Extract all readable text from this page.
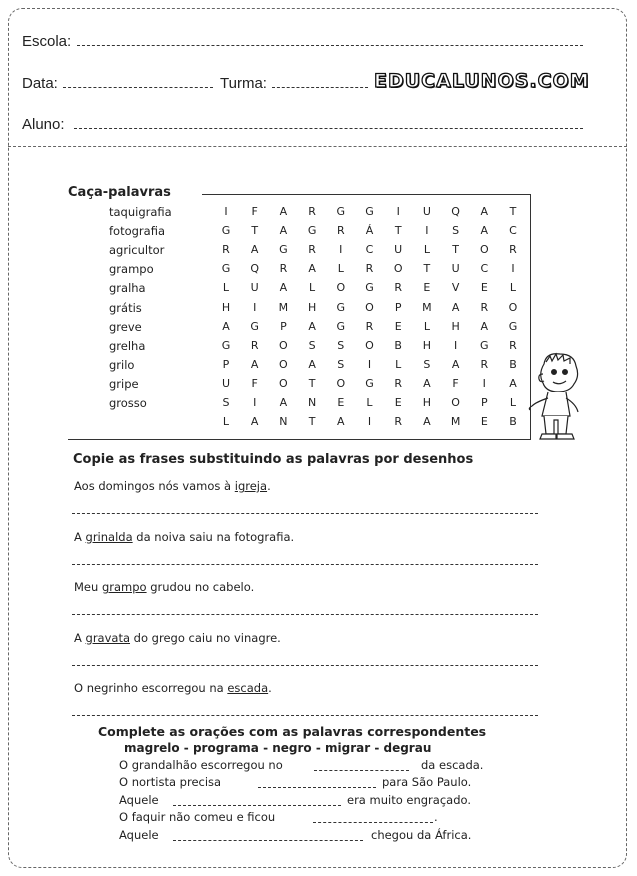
Escola:
Data:	Turma:	EDUCALUNOS.COM
Aluno:
Caça-palavras
taquigrafia
fotografia
agricultor
grampo
gralha
grátis
greve
grelha
grilo
gripe
grosso
I	F	A	R	G	G	I	U	Q	A	T
G	T	A	G	R	Á	T	I	S	A	C
R	A	G	R	I	C	U	L	T	O	R
G	Q	R	A	L	R	O	T	U	C	I
L	U	A	L	O	G	R	E	V	E	L
H	I	M	H	G	O	P	M	A	R	O
A	G	P	A	G	R	E	L	H	A	G
G	R	O	S	S	O	B	H	I	G	R
P	A	O	A	S	I	L	S	A	R	B
U	F	O	T	O	G	R	A	F	I	A
S	I	A	N	E	L	E	H	O	P	L
L	A	N	T	A	I	R	A	M	E	B
Copie as frases substituindo as palavras por desenhos
Aos domingos nós vamos à igreja.
A grinalda da noiva saiu na fotografia.
Meu grampo grudou no cabelo.
A gravata do grego caiu no vinagre.
O negrinho escorregou na escada.
Complete as orações com as palavras correspondentes
magrelo - programa - negro - migrar - degrau
O grandalhão escorregou no	da escada.
O nortista precisa	para São Paulo.
Aquele	era muito engraçado.
O faquir não comeu e ficou	.
Aquele	chegou da África.
